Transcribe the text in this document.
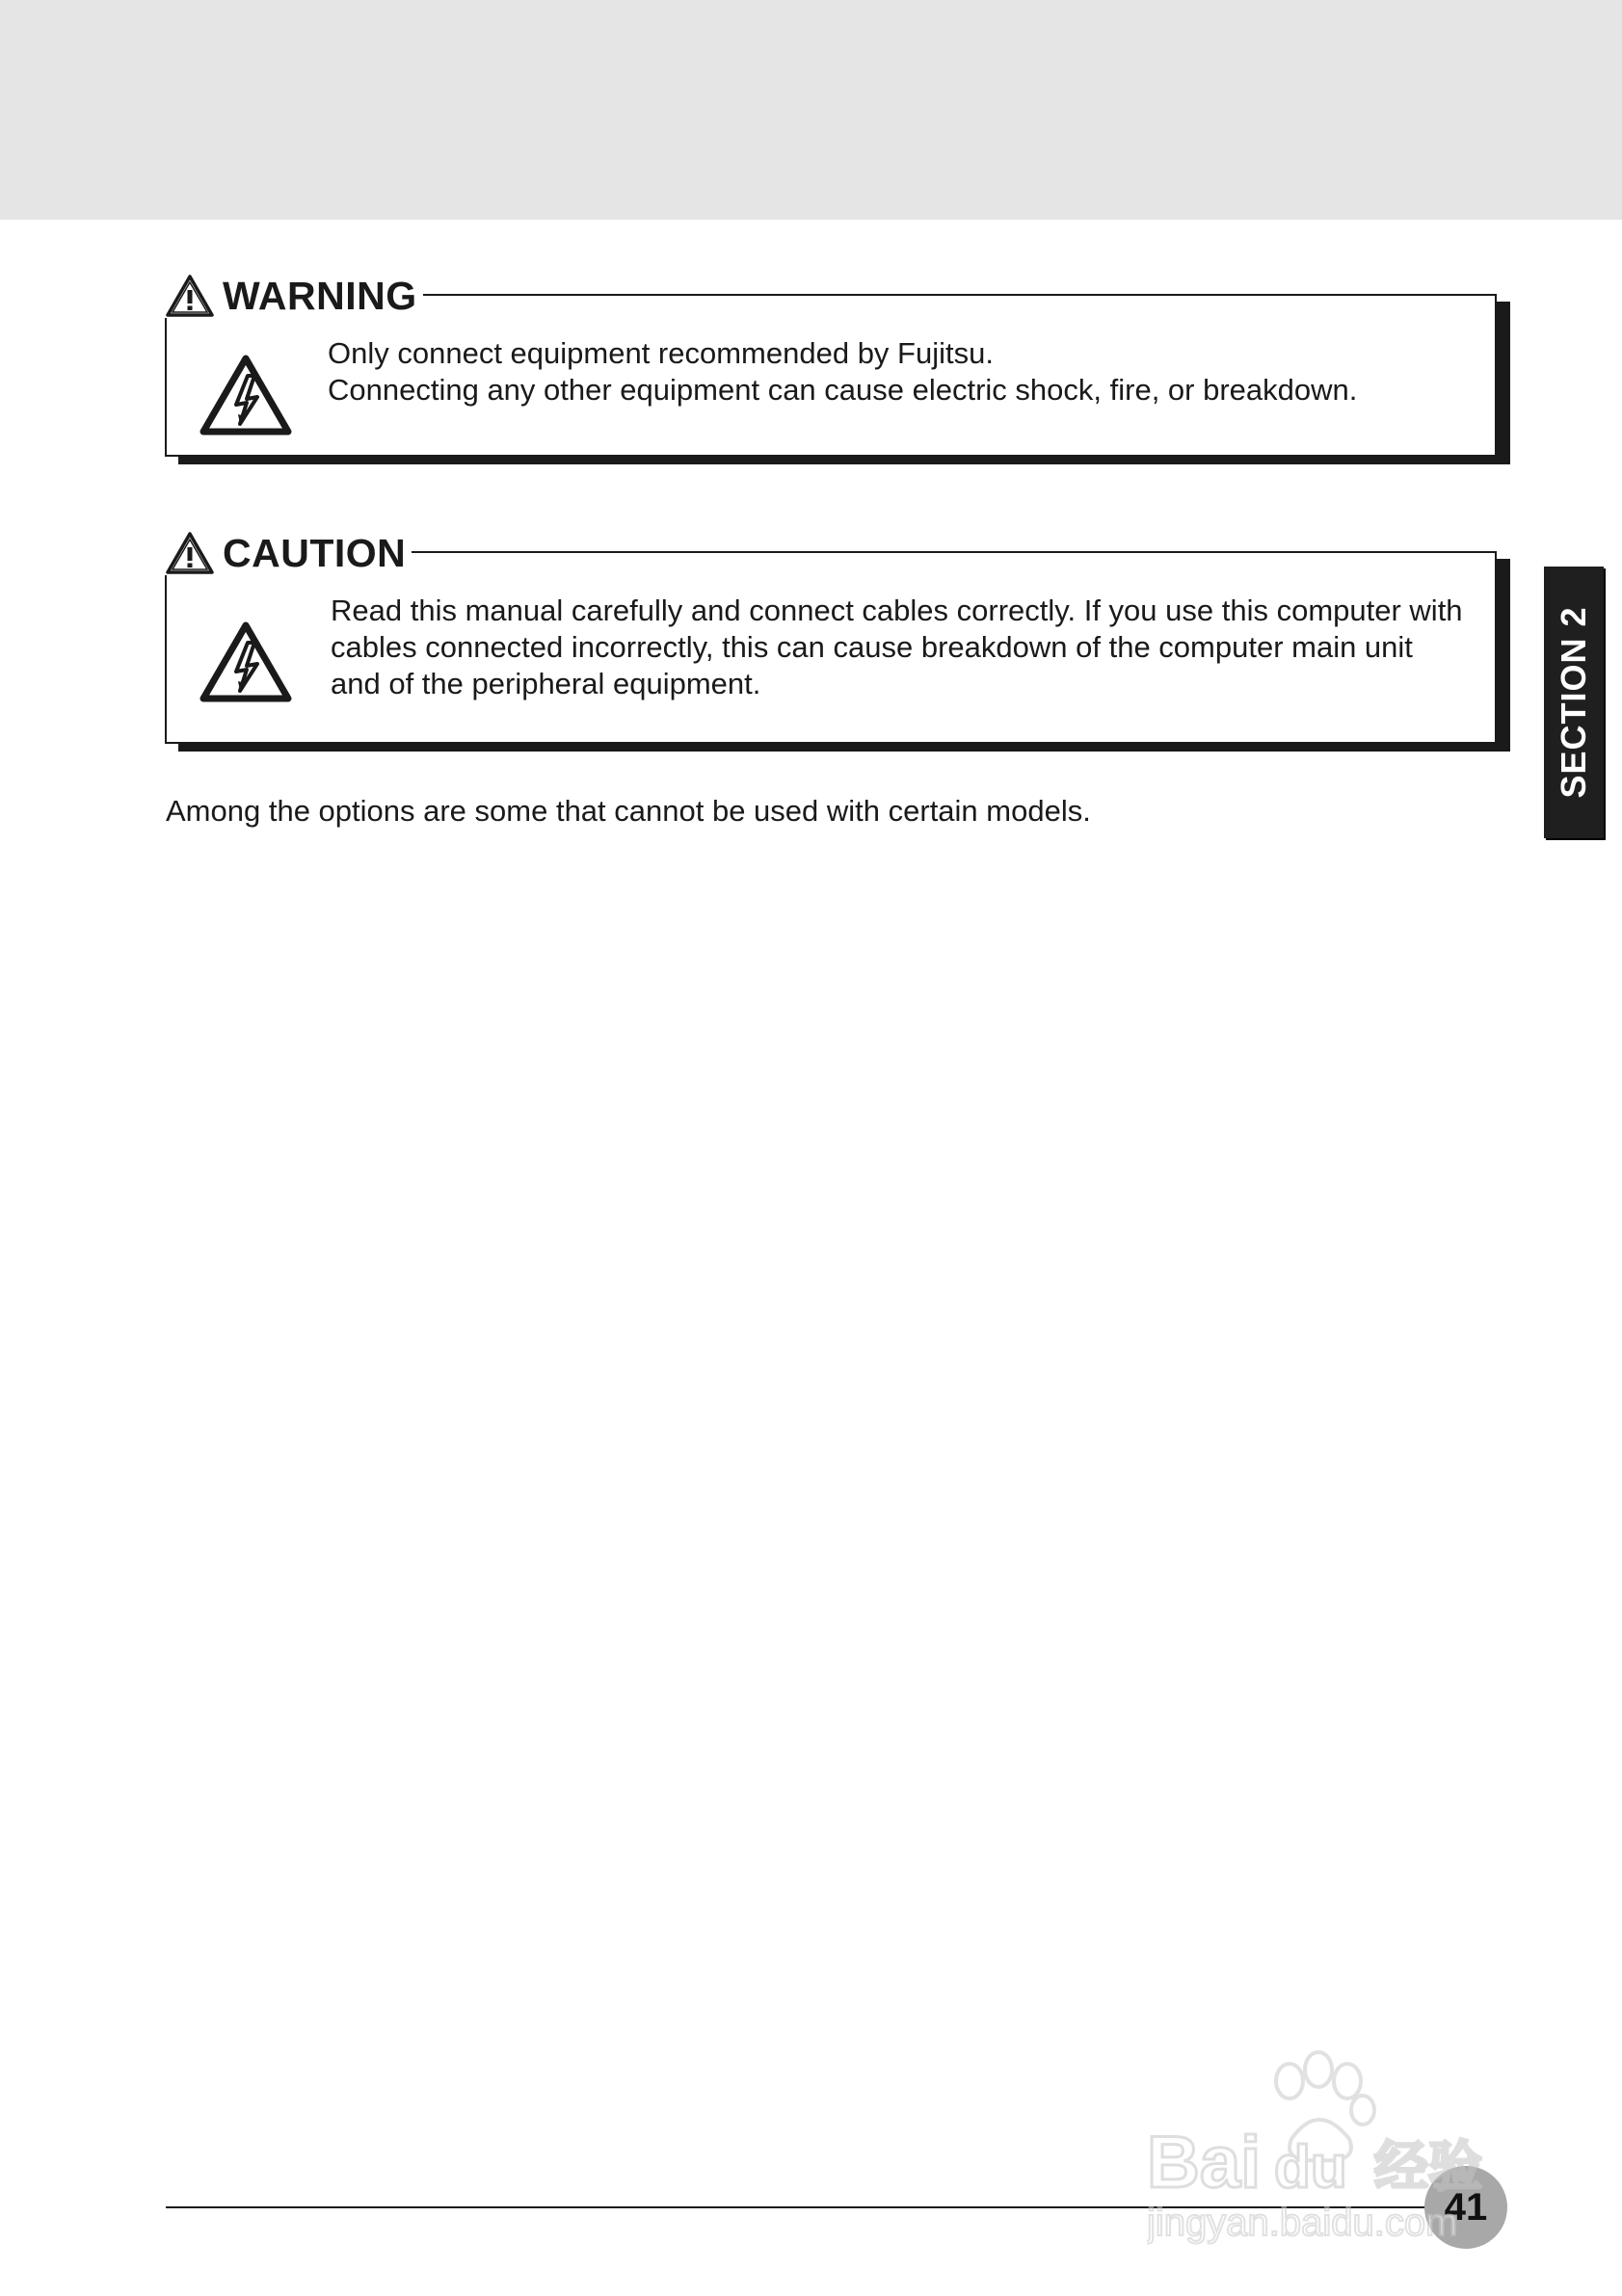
WARNING
Only connect equipment recommended by Fujitsu.
Connecting any other equipment can cause electric shock, fire, or breakdown.
CAUTION
Read this manual carefully and connect cables correctly. If you use this computer with
cables connected incorrectly, this can cause breakdown of the computer main unit
and of the peripheral equipment.
Among the options are some that cannot be used with certain models.
SECTION 2
41
Bai du 经验
jingyan.baidu.com
